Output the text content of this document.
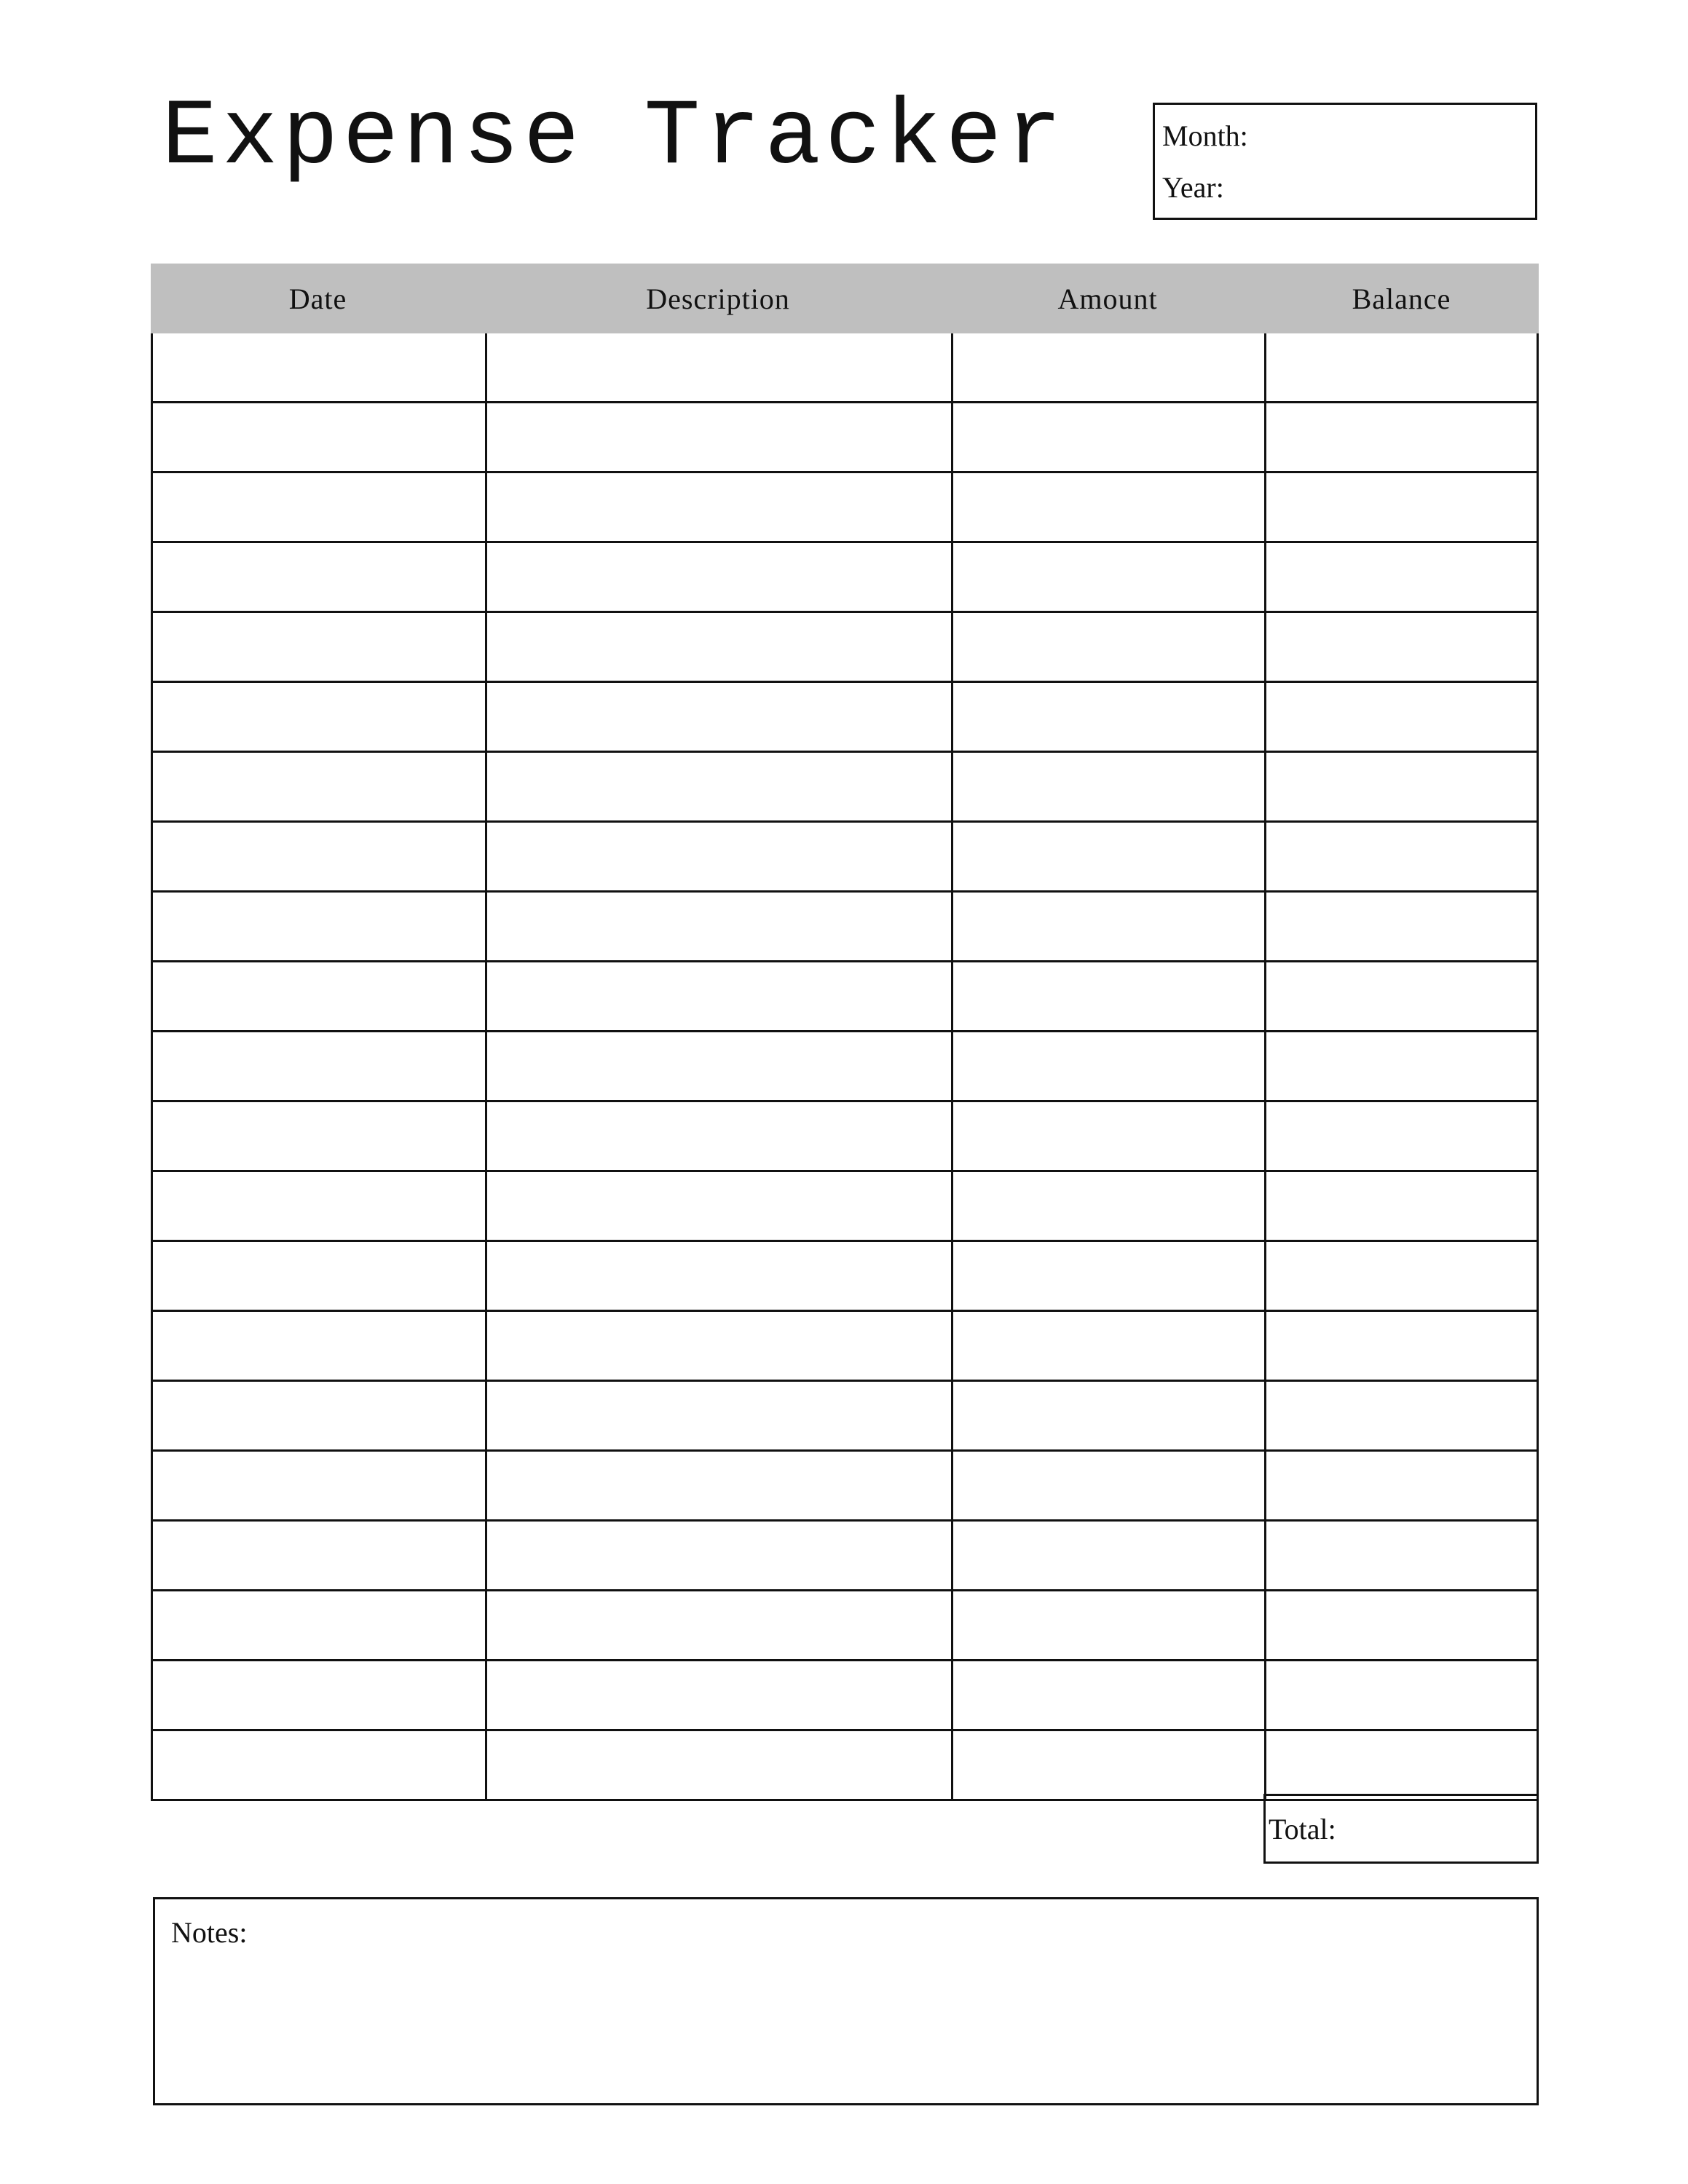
Expense Tracker	Month:
Year:
Date	Description	Amount	Balance
Total:
Notes:
